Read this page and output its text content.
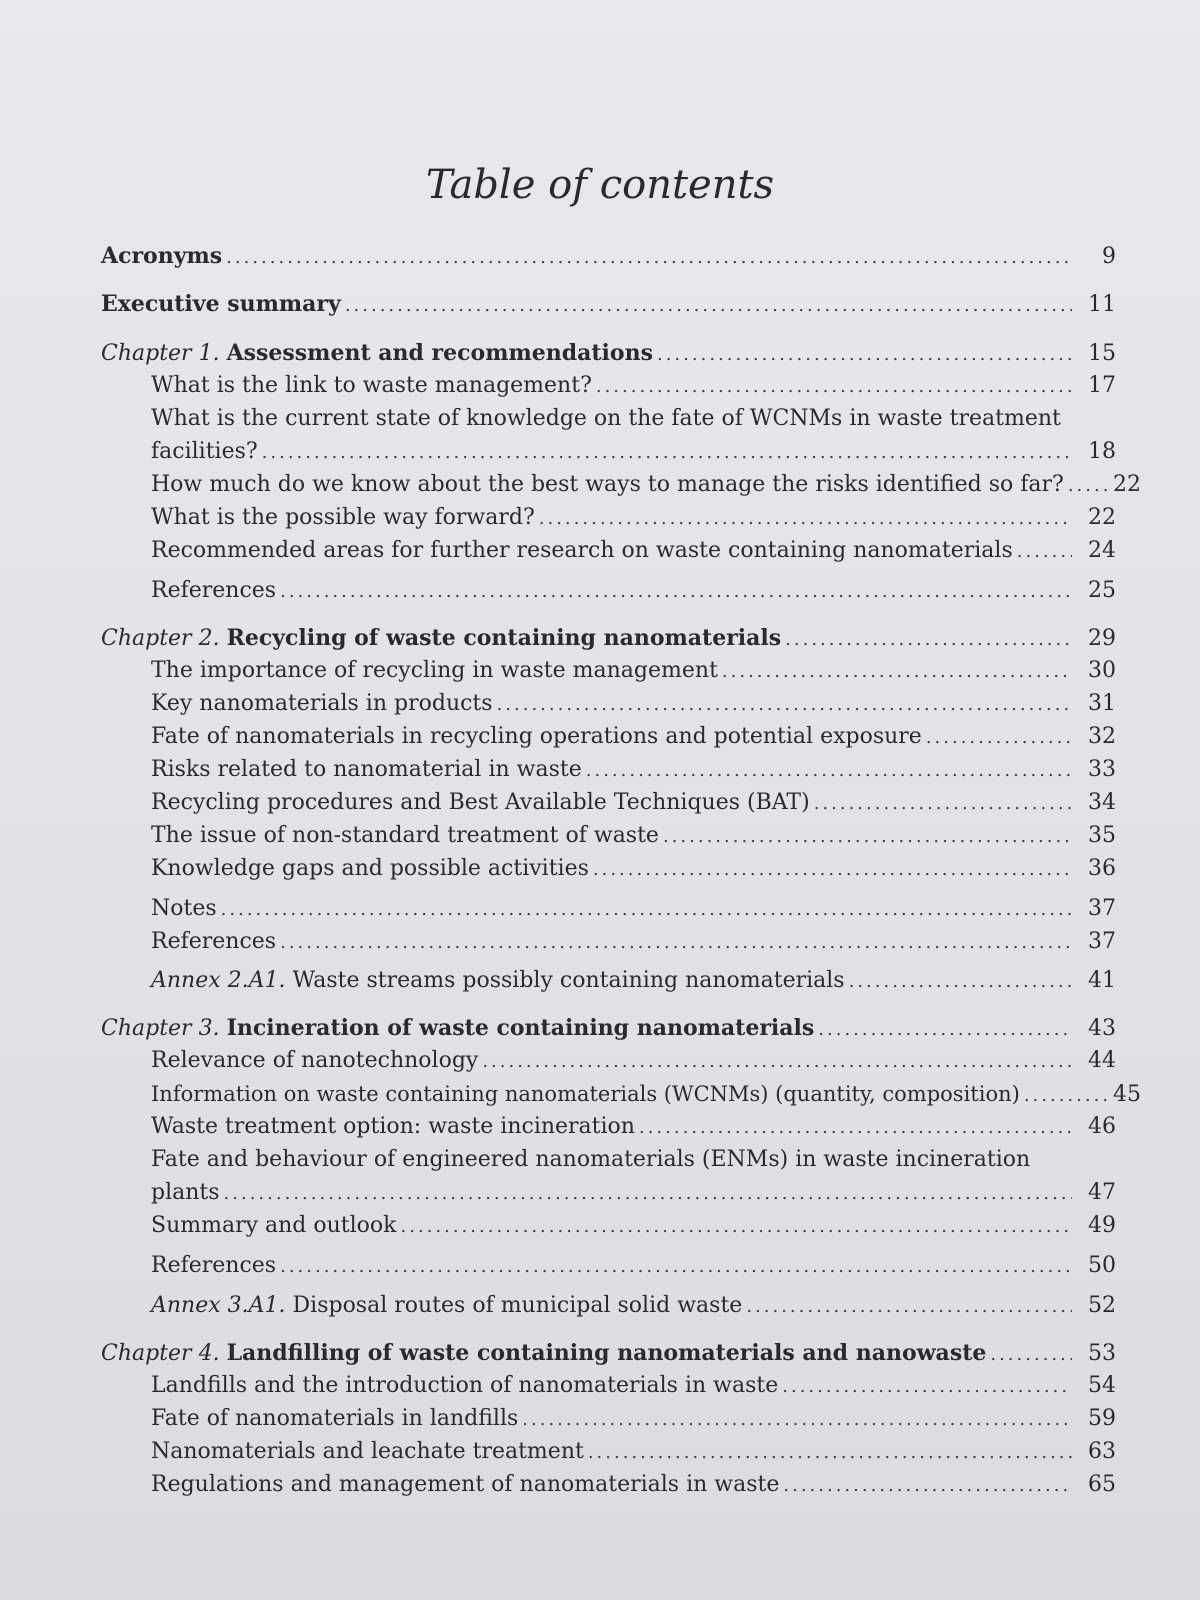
Table of contents
Acronyms .....	9
Executive summary .....	11
Chapter 1. Assessment and recommendations .....	15
What is the link to waste management? .....	17
What is the current state of knowledge on the fate of WCNMs in waste treatment
facilities? .....	18
How much do we know about the best ways to manage the risks identified so far? ..... 22
What is the possible way forward? .....	22
Recommended areas for further research on waste containing nanomaterials .....	24
References .....	25
Chapter 2. Recycling of waste containing nanomaterials .....	29
The importance of recycling in waste management .....	30
Key nanomaterials in products .....	31
Fate of nanomaterials in recycling operations and potential exposure .....	32
Risks related to nanomaterial in waste .....	33
Recycling procedures and Best Available Techniques (BAT) .....	34
The issue of non-standard treatment of waste .....	35
Knowledge gaps and possible activities .....	36
Notes .....	37
References .....	37
Annex 2.A1. Waste streams possibly containing nanomaterials .....	41
Chapter 3. Incineration of waste containing nanomaterials .....	43
Relevance of nanotechnology .....	44
Information on waste containing nanomaterials (WCNMs) (quantity, composition) .....	45
Waste treatment option: waste incineration .....	46
Fate and behaviour of engineered nanomaterials (ENMs) in waste incineration
plants .....	47
Summary and outlook .....	49
References .....	50
Annex 3.A1. Disposal routes of municipal solid waste .....	52
Chapter 4. Landfilling of waste containing nanomaterials and nanowaste .....	53
Landfills and the introduction of nanomaterials in waste .....	54
Fate of nanomaterials in landfills .....	59
Nanomaterials and leachate treatment .....	63
Regulations and management of nanomaterials in waste .....	65
